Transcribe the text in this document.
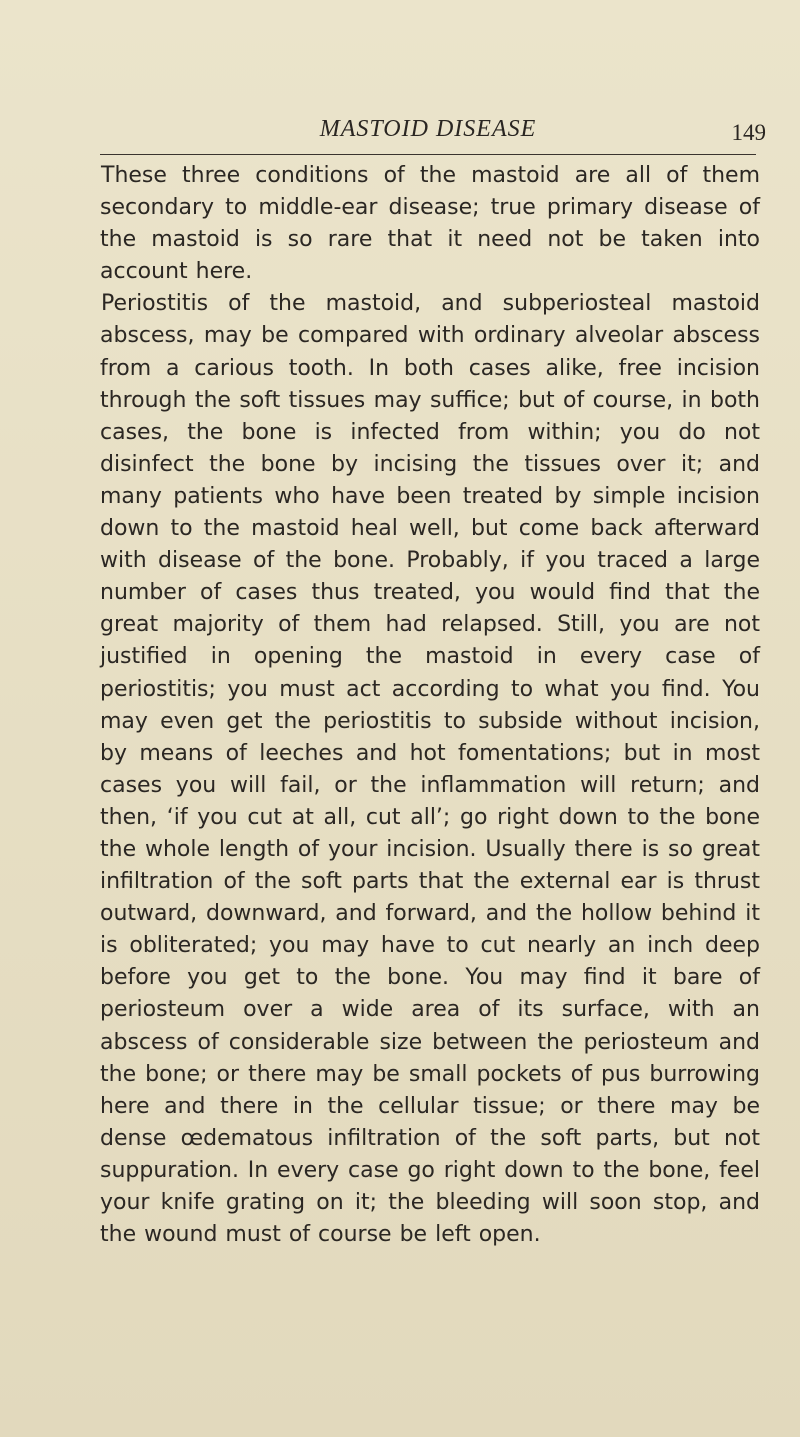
MASTOID DISEASE	149

These three conditions of the mastoid are all of them secondary to middle-ear disease; true primary disease of the mastoid is so rare that it need not be taken into account here.

Periostitis of the mastoid, and subperiosteal mastoid abscess, may be compared with ordinary alveolar abscess from a carious tooth. In both cases alike, free incision through the soft tissues may suffice; but of course, in both cases, the bone is infected from within; you do not disinfect the bone by incising the tissues over it; and many patients who have been treated by simple incision down to the mastoid heal well, but come back afterward with disease of the bone. Probably, if you traced a large number of cases thus treated, you would find that the great majority of them had relapsed. Still, you are not justified in opening the mastoid in every case of periostitis; you must act according to what you find. You may even get the periostitis to subside without incision, by means of leeches and hot fomentations; but in most cases you will fail, or the inflammation will return; and then, ‘if you cut at all, cut all’; go right down to the bone the whole length of your incision. Usually there is so great infiltration of the soft parts that the external ear is thrust outward, downward, and forward, and the hollow behind it is obliterated; you may have to cut nearly an inch deep before you get to the bone. You may find it bare of periosteum over a wide area of its surface, with an abscess of considerable size between the periosteum and the bone; or there may be small pockets of pus burrowing here and there in the cellular tissue; or there may be dense œdematous infiltration of the soft parts, but not suppuration. In every case go right down to the bone, feel your knife grating on it; the bleeding will soon stop, and the wound must of course be left open.
